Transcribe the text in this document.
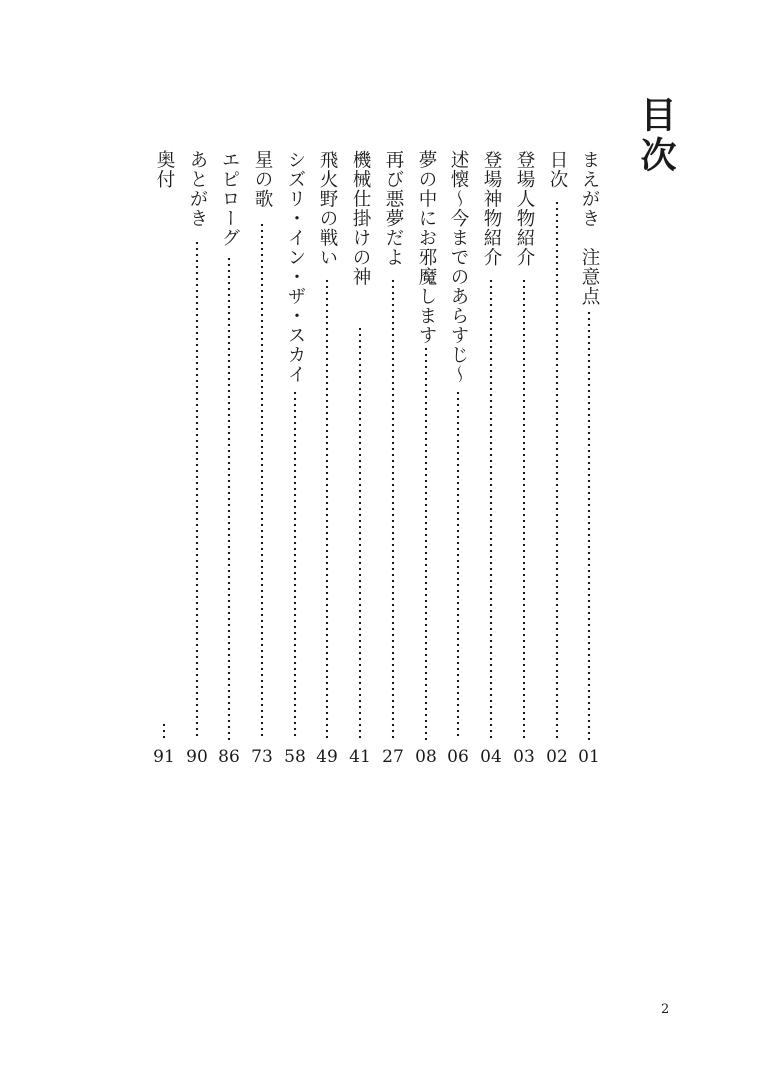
目次
まえがき　注意点
01
日次
02
登場人物紹介
03
登場神物紹介
04
述懐～今までのあらすじ～
06
夢の中にお邪魔します
08
再び悪夢だよ
27
機械仕掛けの神
41
飛火野の戦い
49
シズリ・イン・ザ・スカイ
58
星の歌
73
エピローグ
86
あとがき
90
奥付
91
2
